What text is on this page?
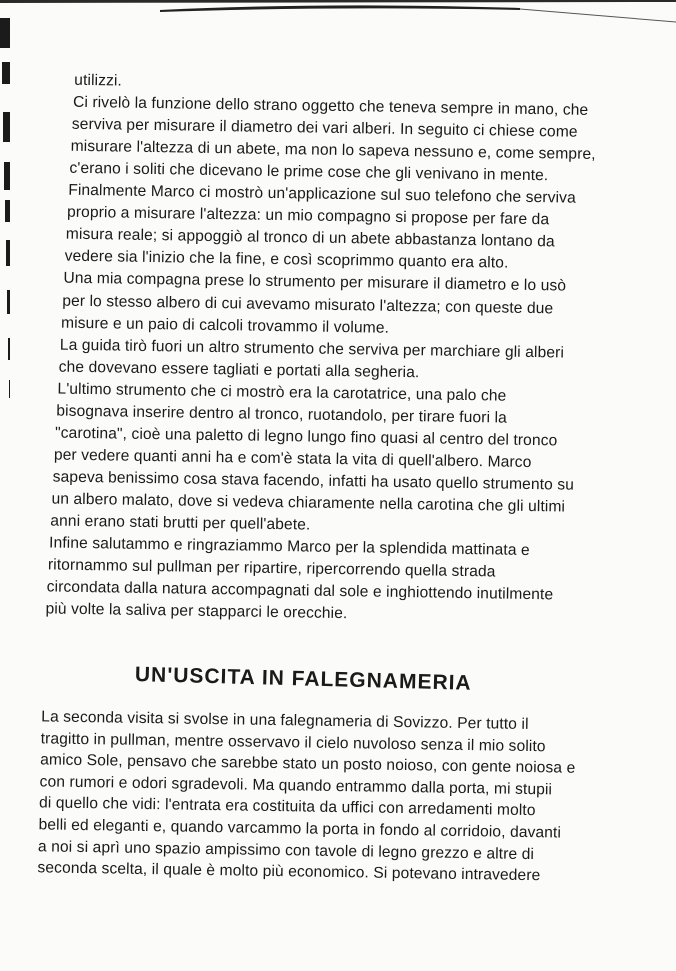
utilizzi.
Ci rivelò la funzione dello strano oggetto che teneva sempre in mano, che
serviva per misurare il diametro dei vari alberi. In seguito ci chiese come
misurare l'altezza di un abete, ma non lo sapeva nessuno e, come sempre,
c'erano i soliti che dicevano le prime cose che gli venivano in mente.
Finalmente Marco ci mostrò un'applicazione sul suo telefono che serviva
proprio a misurare l'altezza: un mio compagno si propose per fare da
misura reale; si appoggiò al tronco di un abete abbastanza lontano da
vedere sia l'inizio che la fine, e così scoprimmo quanto era alto.
Una mia compagna prese lo strumento per misurare il diametro e lo usò
per lo stesso albero di cui avevamo misurato l'altezza; con queste due
misure e un paio di calcoli trovammo il volume.
La guida tirò fuori un altro strumento che serviva per marchiare gli alberi
che dovevano essere tagliati e portati alla segheria.
L'ultimo strumento che ci mostrò era la carotatrice, una palo che
bisognava inserire dentro al tronco, ruotandolo, per tirare fuori la
"carotina", cioè una paletto di legno lungo fino quasi al centro del tronco
per vedere quanti anni ha e com'è stata la vita di quell'albero. Marco
sapeva benissimo cosa stava facendo, infatti ha usato quello strumento su
un albero malato, dove si vedeva chiaramente nella carotina che gli ultimi
anni erano stati brutti per quell'abete.
Infine salutammo e ringraziammo Marco per la splendida mattinata e
ritornammo sul pullman per ripartire, ripercorrendo quella strada
circondata dalla natura accompagnati dal sole e inghiottendo inutilmente
più volte la saliva per stapparci le orecchie.
UN'USCITA IN FALEGNAMERIA
La seconda visita si svolse in una falegnameria di Sovizzo. Per tutto il
tragitto in pullman, mentre osservavo il cielo nuvoloso senza il mio solito
amico Sole, pensavo che sarebbe stato un posto noioso, con gente noiosa e
con rumori e odori sgradevoli. Ma quando entrammo dalla porta, mi stupii
di quello che vidi: l'entrata era costituita da uffici con arredamenti molto
belli ed eleganti e, quando varcammo la porta in fondo al corridoio, davanti
a noi si aprì uno spazio ampissimo con tavole di legno grezzo e altre di
seconda scelta, il quale è molto più economico. Si potevano intravedere
